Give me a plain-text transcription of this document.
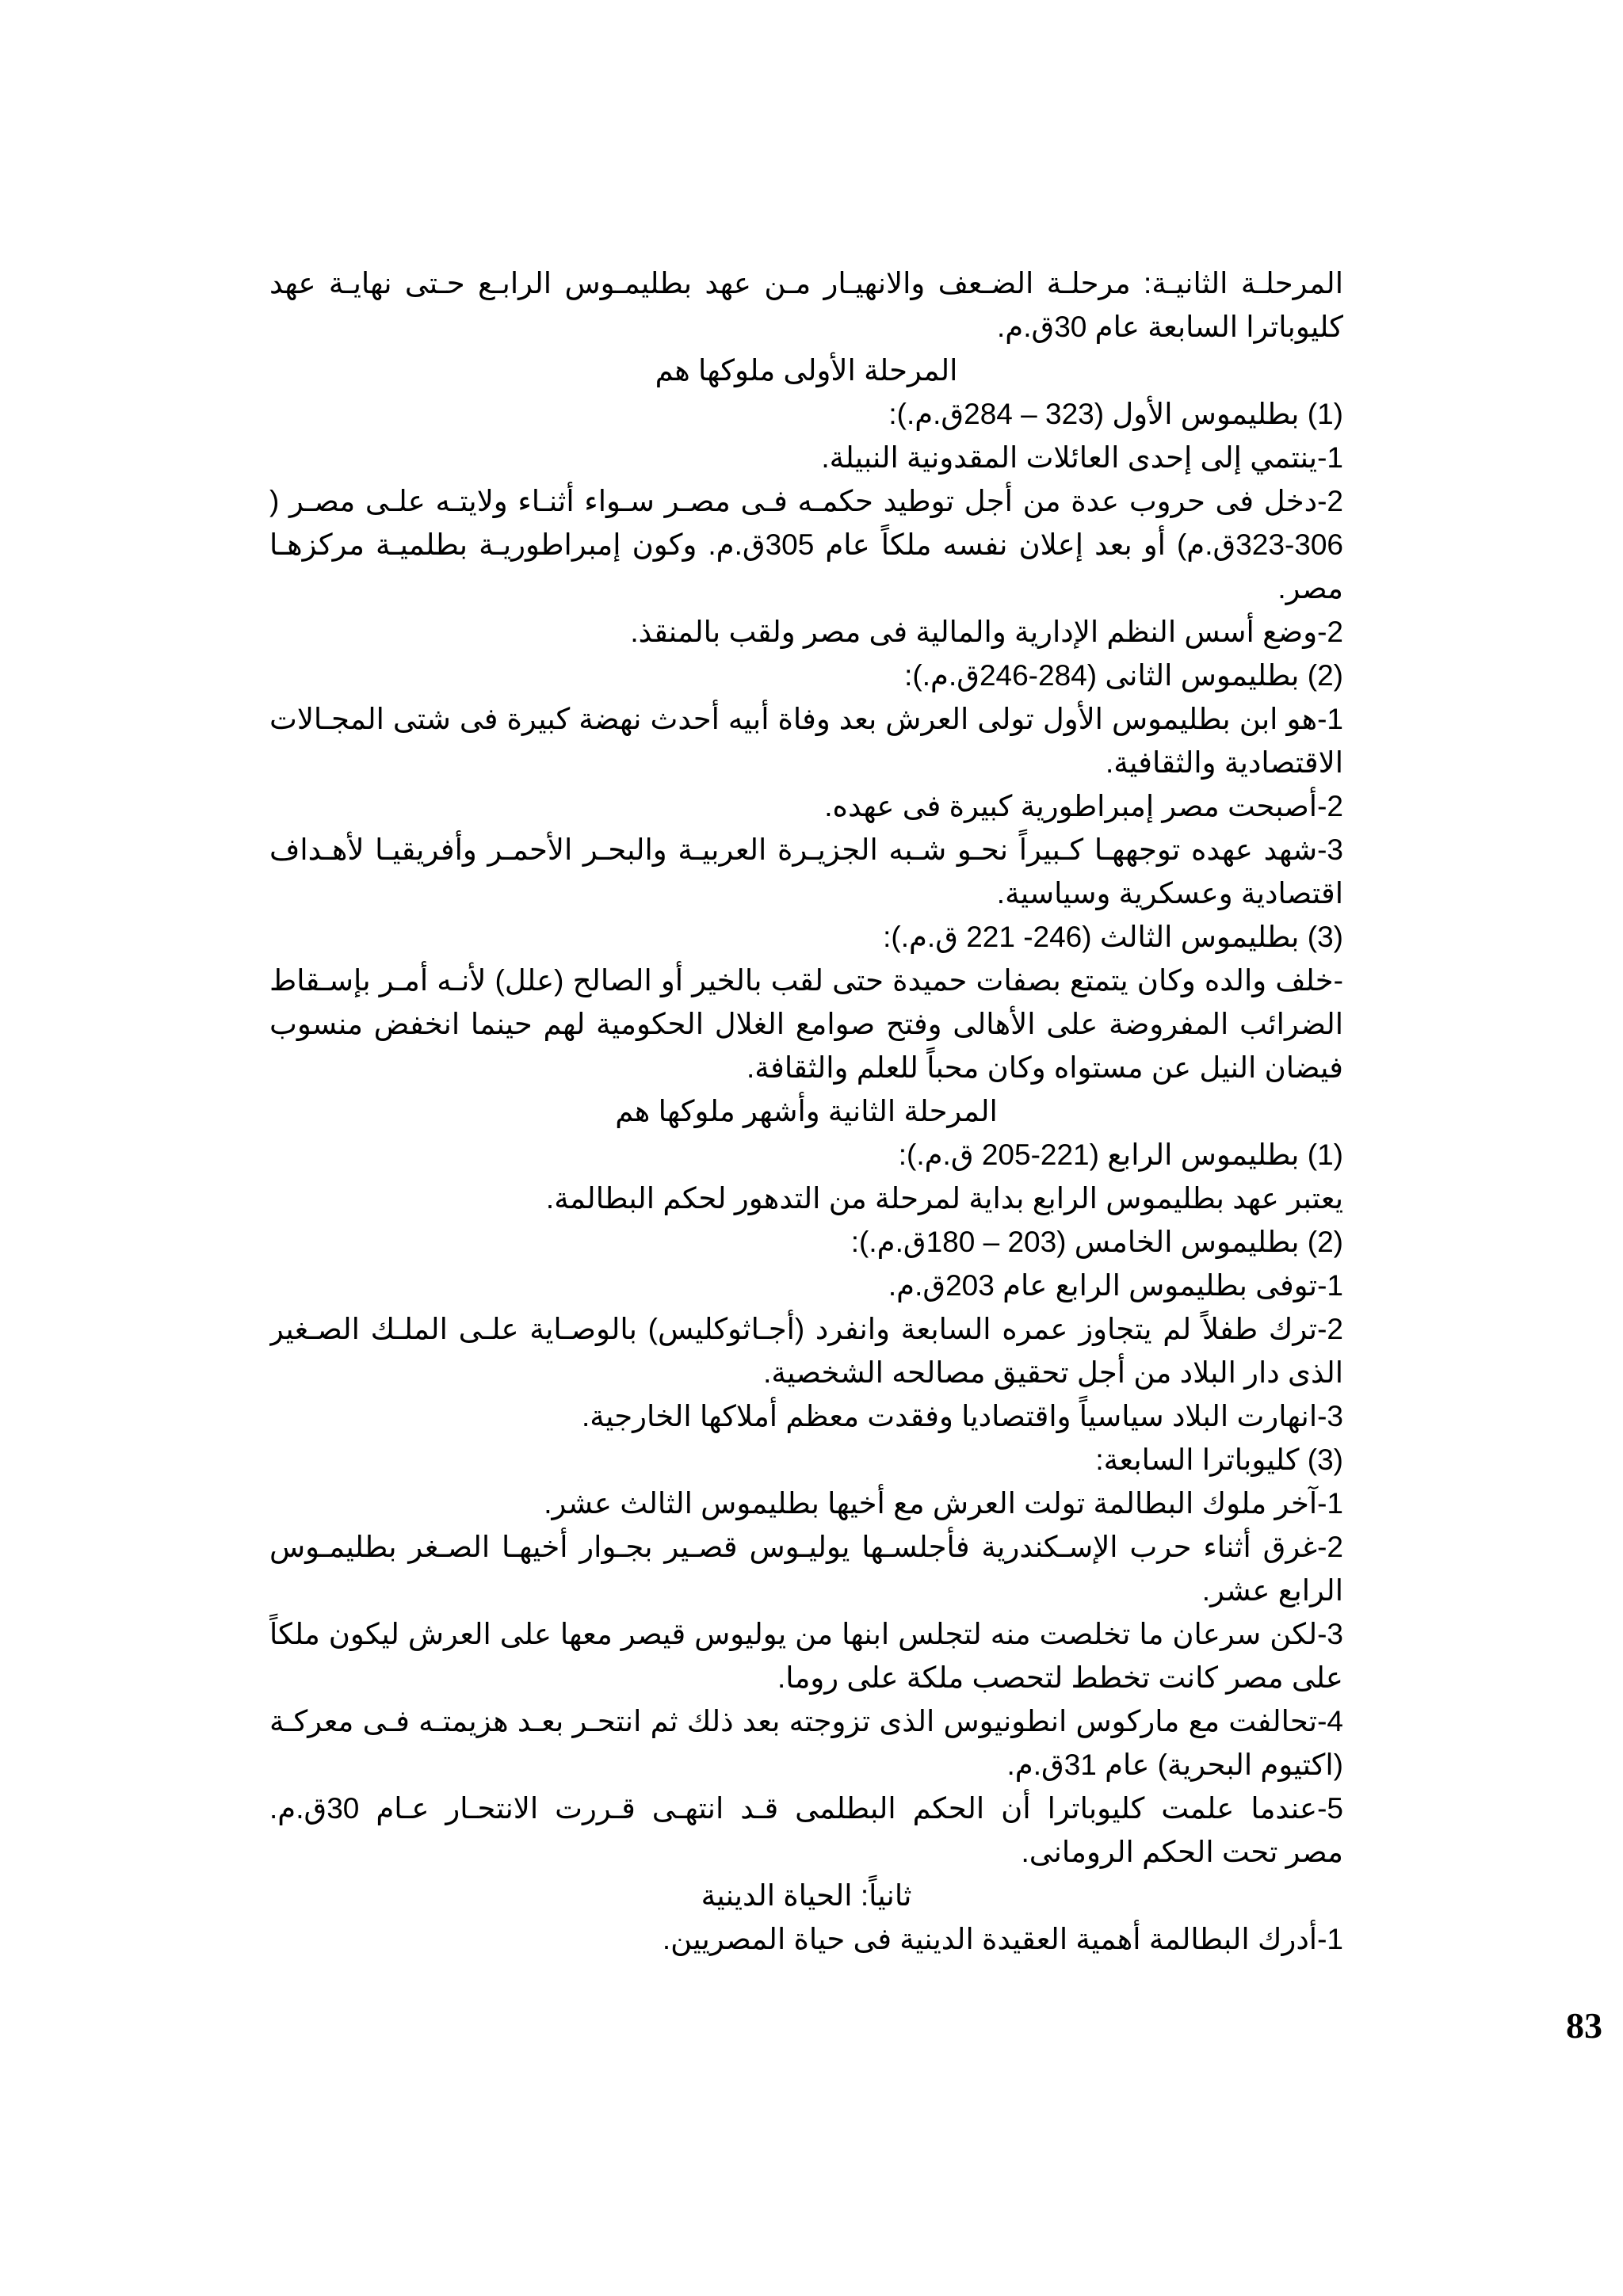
المرحلـة الثانيـة: مرحلـة الضـعف والانهيـار مـن عهد بطليمـوس الرابـع حـتى نهايـة عهد
كليوباترا السابعة عام 30ق.م.
المرحلة الأولى ملوكها هم
(1) بطليموس الأول (323 – 284ق.م.):
1-ينتمي إلى إحدى العائلات المقدونية النبيلة.
2-دخل فى حروب عدة من أجل توطيد حكمـه فـى مصـر سـواء أثنـاء ولايتـه علـى مصـر (
323-306ق.م) أو بعد إعلان نفسه ملكاً عام 305ق.م. وكون إمبراطوريـة بطلميـة مركزهـا
مصر.
2-وضع أسس النظم الإدارية والمالية فى مصر ولقب بالمنقذ.
(2) بطليموس الثانى (284-246ق.م.):
1-هو ابن بطليموس الأول تولى العرش بعد وفاة أبيه أحدث نهضة كبيرة فى شتى المجـالات
الاقتصادية والثقافية.
2-أصبحت مصر إمبراطورية كبيرة فى عهده.
3-شهد عهده توجههـا كـبيراً نحـو شـبه الجزيـرة العربيـة والبحـر الأحمـر وأفريقيـا لأهـداف
اقتصادية وعسكرية وسياسية.
(3) بطليموس الثالث (246- 221 ق.م.):
-خلف والده وكان يتمتع بصفات حميدة حتى لقب بالخير أو الصالح (علل) لأنـه أمـر بإسـقاط
الضرائب المفروضة على الأهالى وفتح صوامع الغلال الحكومية لهم حينما انخفض منسوب
فيضان النيل عن مستواه وكان محباً للعلم والثقافة.
المرحلة الثانية وأشهر ملوكها هم
(1) بطليموس الرابع (221-205 ق.م.):
يعتبر عهد بطليموس الرابع بداية لمرحلة من التدهور لحكم البطالمة.
(2) بطليموس الخامس (203 – 180ق.م.):
1-توفى بطليموس الرابع عام 203ق.م.
2-ترك طفلاً لم يتجاوز عمره السابعة وانفرد (أجـاثوكليس) بالوصـاية علـى الملـك الصـغير
الذى دار البلاد من أجل تحقيق مصالحه الشخصية.
3-انهارت البلاد سياسياً واقتصاديا وفقدت معظم أملاكها الخارجية.
(3) كليوباترا السابعة:
1-آخر ملوك البطالمة تولت العرش مع أخيها بطليموس الثالث عشر.
2-غرق أثناء حرب الإسـكندرية فأجلسـها يوليـوس قصـير بجـوار أخيهـا الصـغر بطليمـوس
الرابع عشر.
3-لكن سرعان ما تخلصت منه لتجلس ابنها من يوليوس قيصر معها على العرش ليكون ملكاً
على مصر كانت تخطط لتحصب ملكة على روما.
4-تحالفت مع ماركوس انطونيوس الذى تزوجته بعد ذلك ثم انتحـر بعـد هزيمتـه فـى معركـة
(اكتيوم البحرية) عام 31ق.م.
5-عندما علمت كليوباترا أن الحكم البطلمى قـد انتهـى قـررت الانتحـار عـام 30ق.م.
مصر تحت الحكم الرومانى.
ثانياً: الحياة الدينية
1-أدرك البطالمة أهمية العقيدة الدينية فى حياة المصريين.
83
